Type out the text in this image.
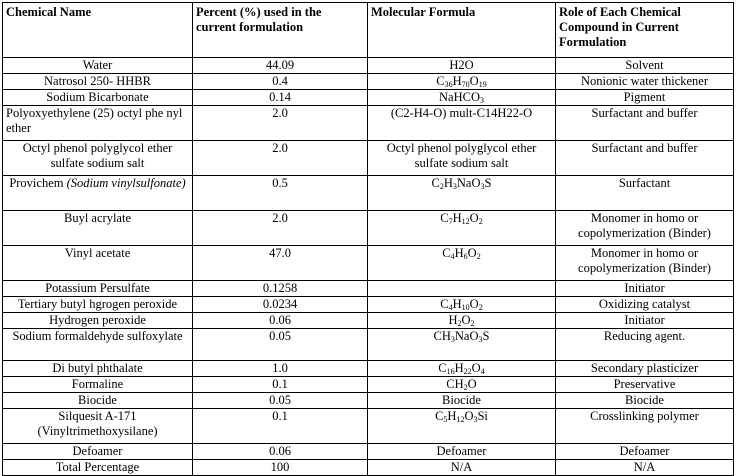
Chemical Name	Percent (%) used in the current formulation	Molecular Formula	Role of Each Chemical Compound in Current Formulation
Water	44.09	H2O	Solvent
Natrosol 250- HHBR	0.4	$C_{36}H_{70}O_{19}$	Nonionic water thickener
Sodium Bicarbonate	0.14	NaHCO$_3$	Pigment
Polyoxyethylene (25) octyl phe nyl ether	2.0	(C2-H4-O) mult-C14H22-O	Surfactant and buffer
Octyl phenol polyglycol ether sulfate sodium salt	2.0	Octyl phenol polyglycol ether sulfate sodium salt	Surfactant and buffer
Provichem (Sodium vinylsulfonate)	0.5	$C_2H_3NaO_3S$	Surfactant
Buyl acrylate	2.0	$C_7H_{12}O_2$	Monomer in homo or copolymerization (Binder)
Vinyl acetate	47.0	$C_4H_6O_2$	Monomer in homo or copolymerization (Binder)
Potassium Persulfate	0.1258		Initiator
Tertiary butyl hgrogen peroxide	0.0234	$C_4H_{10}O_2$	Oxidizing catalyst
Hydrogen peroxide	0.06	$H_2O_2$	Initiator
Sodium formaldehyde sulfoxylate	0.05	$CH_3NaO_3S$	Reducing agent.
Di butyl phthalate	1.0	$C_{16}H_{22}O_4$	Secondary plasticizer
Formaline	0.1	$CH_2O$	Preservative
Biocide	0.05	Biocide	Biocide
Silquesit A-171 (Vinyltrimethoxysilane)	0.1	$C_5H_{12}O_3Si$	Crosslinking polymer
Defoamer	0.06	Defoamer	Defoamer
Total Percentage	100	N/A	N/A
